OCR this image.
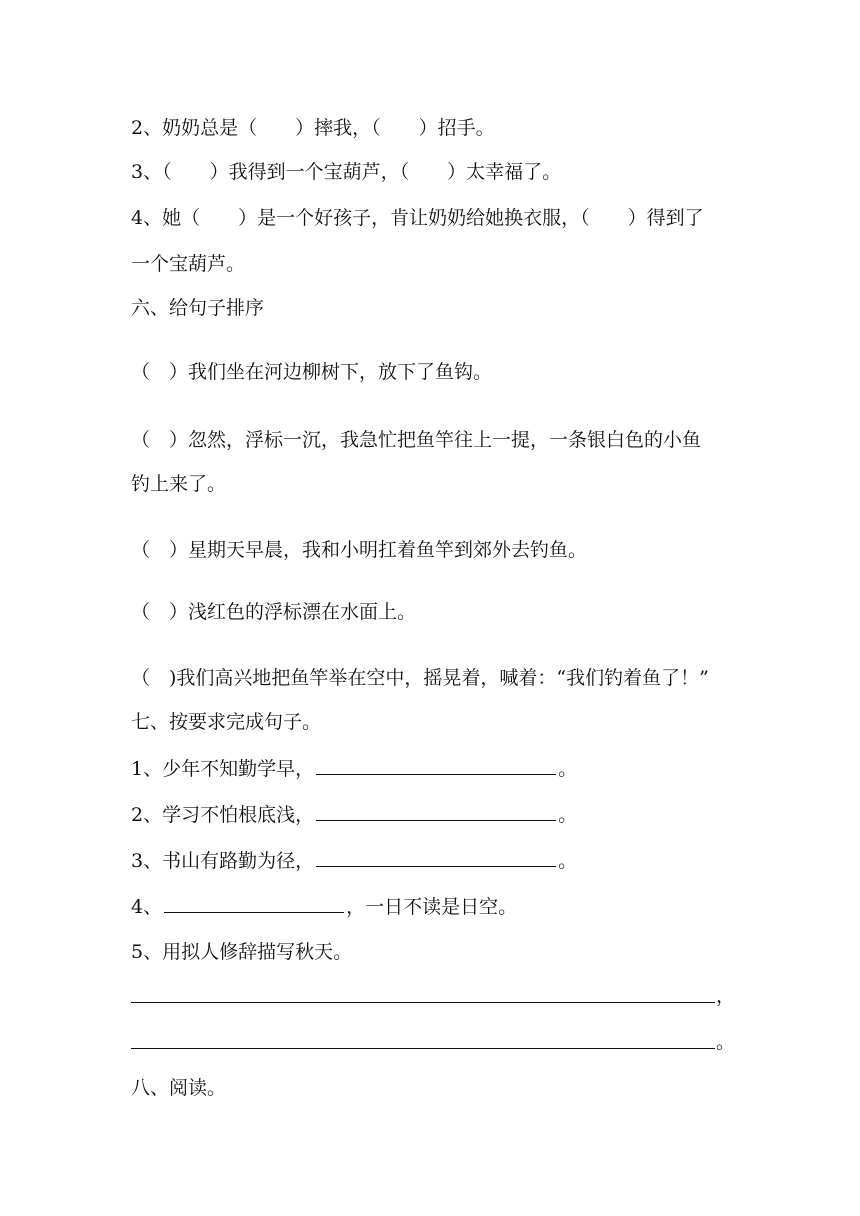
2、奶奶总是（　　）摔我，（　　）招手。
3、（　　）我得到一个宝葫芦，（　　）太幸福了。
4、她（　　）是一个好孩子，肯让奶奶给她换衣服，（　　）得到了
一个宝葫芦。
六、给句子排序
（　）我们坐在河边柳树下，放下了鱼钩。
（　）忽然，浮标一沉，我急忙把鱼竿往上一提，一条银白色的小鱼
钓上来了。
（　）星期天早晨，我和小明扛着鱼竿到郊外去钓鱼。
（　）浅红色的浮标漂在水面上。
（　)我们高兴地把鱼竿举在空中，摇晃着，喊着：“我们钓着鱼了！”
七、按要求完成句子。
1、少年不知勤学早，	。
2、学习不怕根底浅，	。
3、书山有路勤为径，	。
4、	，一日不读是日空。
5、用拟人修辞描写秋天。
，
。
八、阅读。
